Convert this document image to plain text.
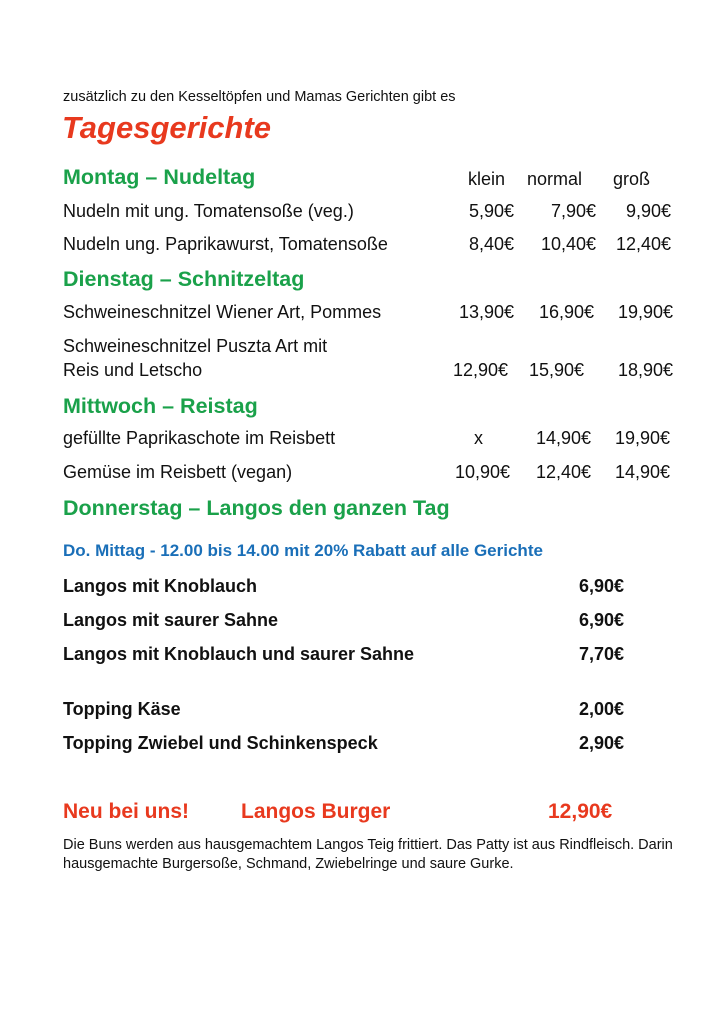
zusätzlich zu den Kesseltöpfen und Mamas Gerichten gibt es
Tagesgerichte
Montag – Nudeltag	klein normal groß
Nudeln mit ung. Tomatensoße (veg.)	5,90€	7,90€	9,90€
Nudeln ung. Paprikawurst, Tomatensoße	8,40€	10,40€	12,40€
Dienstag – Schnitzeltag
Schweineschnitzel Wiener Art, Pommes	13,90€	16,90€	19,90€
Schweineschnitzel Puszta Art mit
Reis und Letscho	12,90€	15,90€	18,90€
Mittwoch – Reistag
gefüllte Paprikaschote im Reisbett	x	14,90€	19,90€
Gemüse im Reisbett (vegan)	10,90€	12,40€	14,90€
Donnerstag – Langos den ganzen Tag
Do. Mittag - 12.00 bis 14.00 mit 20% Rabatt auf alle Gerichte
Langos mit Knoblauch	6,90€
Langos mit saurer Sahne	6,90€
Langos mit Knoblauch und saurer Sahne	7,70€
Topping Käse	2,00€
Topping Zwiebel und Schinkenspeck	2,90€
Neu bei uns! Langos Burger	12,90€
Die Buns werden aus hausgemachtem Langos Teig frittiert. Das Patty ist aus Rindfleisch. Darin hausgemachte Burgersoße, Schmand, Zwiebelringe und saure Gurke.
